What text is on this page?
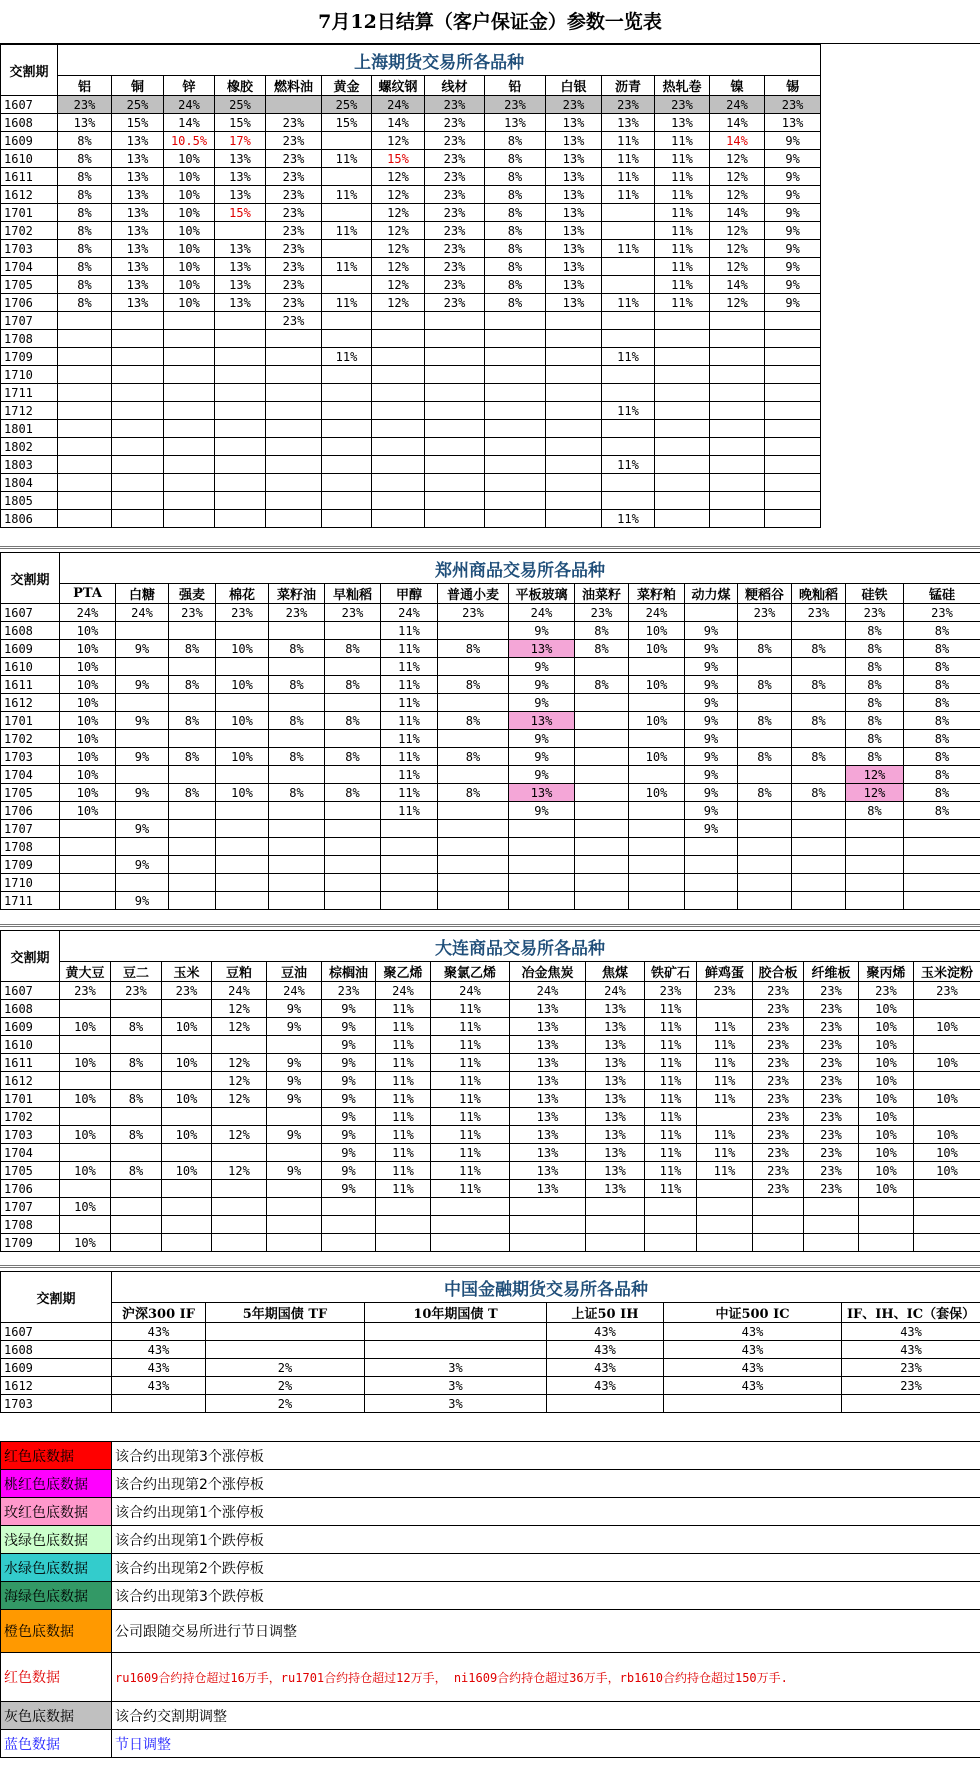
7月12日结算（客户保证金）参数一览表
交割期	上海期货交易所各品种													
	铝	铜	锌	橡胶	燃料油	黄金	螺纹钢	线材	铅	白银	沥青	热轧卷	镍	锡
1607	23%	25%	24%	25%		25%	24%	23%	23%	23%	23%	23%	24%	23%
1608	13%	15%	14%	15%	23%	15%	14%	23%	13%	13%	13%	13%	14%	13%
1609	8%	13%	10.5%	17%	23%		12%	23%	8%	13%	11%	11%	14%	9%
1610	8%	13%	10%	13%	23%	11%	15%	23%	8%	13%	11%	11%	12%	9%
1611	8%	13%	10%	13%	23%		12%	23%	8%	13%	11%	11%	12%	9%
1612	8%	13%	10%	13%	23%	11%	12%	23%	8%	13%	11%	11%	12%	9%
1701	8%	13%	10%	15%	23%		12%	23%	8%	13%		11%	14%	9%
1702	8%	13%	10%		23%	11%	12%	23%	8%	13%		11%	12%	9%
1703	8%	13%	10%	13%	23%		12%	23%	8%	13%	11%	11%	12%	9%
1704	8%	13%	10%	13%	23%	11%	12%	23%	8%	13%		11%	12%	9%
1705	8%	13%	10%	13%	23%		12%	23%	8%	13%		11%	14%	9%
1706	8%	13%	10%	13%	23%	11%	12%	23%	8%	13%	11%	11%	12%	9%
1707					23%									
1708														
1709						11%					11%			
1710														
1711														
1712											11%			
1801														
1802														
1803											11%			
1804														
1805														
1806											11%			
交割期	郑州商品交易所各品种															
	PTA	白糖	强麦	棉花	菜籽油	早籼稻	甲醇	普通小麦	平板玻璃	油菜籽	菜籽粕	动力煤	粳稻谷	晚籼稻	硅铁	锰硅
1607	24%	24%	23%	23%	23%	23%	24%	23%	24%	23%	24%		23%	23%	23%	23%
1608	10%						11%		9%	8%	10%	9%			8%	8%
1609	10%	9%	8%	10%	8%	8%	11%	8%	13%	8%	10%	9%	8%	8%	8%	8%
1610	10%						11%		9%			9%			8%	8%
1611	10%	9%	8%	10%	8%	8%	11%	8%	9%	8%	10%	9%	8%	8%	8%	8%
1612	10%						11%		9%			9%			8%	8%
1701	10%	9%	8%	10%	8%	8%	11%	8%	13%		10%	9%	8%	8%	8%	8%
1702	10%						11%		9%			9%			8%	8%
1703	10%	9%	8%	10%	8%	8%	11%	8%	9%		10%	9%	8%	8%	8%	8%
1704	10%						11%		9%			9%			12%	8%
1705	10%	9%	8%	10%	8%	8%	11%	8%	13%		10%	9%	8%	8%	12%	8%
1706	10%						11%		9%			9%			8%	8%
1707		9%										9%				
1708																
1709		9%														
1710																
1711		9%														
交割期	大连商品交易所各品种															
	黄大豆	豆二	玉米	豆粕	豆油	棕榈油	聚乙烯	聚氯乙烯	冶金焦炭	焦煤	铁矿石	鲜鸡蛋	胶合板	纤维板	聚丙烯	玉米淀粉
1607	23%	23%	23%	24%	24%	23%	24%	24%	24%	24%	23%	23%	23%	23%	23%	23%
1608				12%	9%	9%	11%	11%	13%	13%	11%		23%	23%	10%	
1609	10%	8%	10%	12%	9%	9%	11%	11%	13%	13%	11%	11%	23%	23%	10%	10%
1610						9%	11%	11%	13%	13%	11%	11%	23%	23%	10%	
1611	10%	8%	10%	12%	9%	9%	11%	11%	13%	13%	11%	11%	23%	23%	10%	10%
1612				12%	9%	9%	11%	11%	13%	13%	11%	11%	23%	23%	10%	
1701	10%	8%	10%	12%	9%	9%	11%	11%	13%	13%	11%	11%	23%	23%	10%	10%
1702						9%	11%	11%	13%	13%	11%		23%	23%	10%	
1703	10%	8%	10%	12%	9%	9%	11%	11%	13%	13%	11%	11%	23%	23%	10%	10%
1704						9%	11%	11%	13%	13%	11%	11%	23%	23%	10%	10%
1705	10%	8%	10%	12%	9%	9%	11%	11%	13%	13%	11%	11%	23%	23%	10%	10%
1706						9%	11%	11%	13%	13%	11%		23%	23%	10%	
1707	10%															
1708																
1709	10%															
交割期	中国金融期货交易所各品种					
	沪深300 IF	5年期国债 TF	10年期国债 T	上证50 IH	中证500 IC	IF、IH、IC（套保）
1607	43%			43%	43%	43%
1608	43%			43%	43%	43%
1609	43%	2%	3%	43%	43%	23%
1612	43%	2%	3%	43%	43%	23%
1703		2%	3%			
红色底数据	该合约出现第3个涨停板
桃红色底数据	该合约出现第2个涨停板
玫红色底数据	该合约出现第1个涨停板
浅绿色底数据	该合约出现第1个跌停板
水绿色底数据	该合约出现第2个跌停板
海绿色底数据	该合约出现第3个跌停板
橙色底数据	公司跟随交易所进行节日调整
红色数据	ru1609合约持仓超过16万手，ru1701合约持仓超过12万手， ni1609合约持仓超过36万手，rb1610合约持仓超过150万手.
灰色底数据	该合约交割期调整
蓝色数据	节日调整
